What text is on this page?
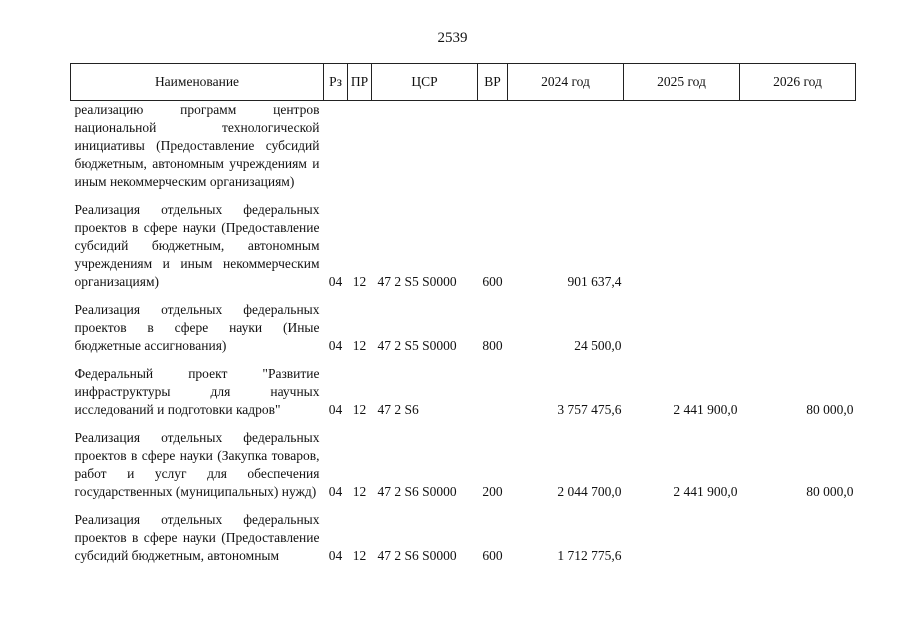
2539
Наименование	Рз	ПР	ЦСР	ВР	2024 год	2025 год	2026 год
реализацию программ центров национальной технологической инициативы (Предоставление субсидий бюджетным, автономным учреждениям и иным некоммерческим организациям)							
Реализация отдельных федеральных проектов в сфере науки (Предоставление субсидий бюджетным, автономным учреждениям и иным некоммерческим организациям)	04	12	47 2 S5 S0000	600	901 637,4		
Реализация отдельных федеральных проектов в сфере науки (Иные бюджетные ассигнования)	04	12	47 2 S5 S0000	800	24 500,0		
Федеральный проект "Развитие инфраструктуры для научных исследований и подготовки кадров"	04	12	47 2 S6		3 757 475,6	2 441 900,0	80 000,0
Реализация отдельных федеральных проектов в сфере науки (Закупка товаров, работ и услуг для обеспечения государственных (муниципальных) нужд)	04	12	47 2 S6 S0000	200	2 044 700,0	2 441 900,0	80 000,0
Реализация отдельных федеральных проектов в сфере науки (Предоставление субсидий бюджетным, автономным	04	12	47 2 S6 S0000	600	1 712 775,6		
